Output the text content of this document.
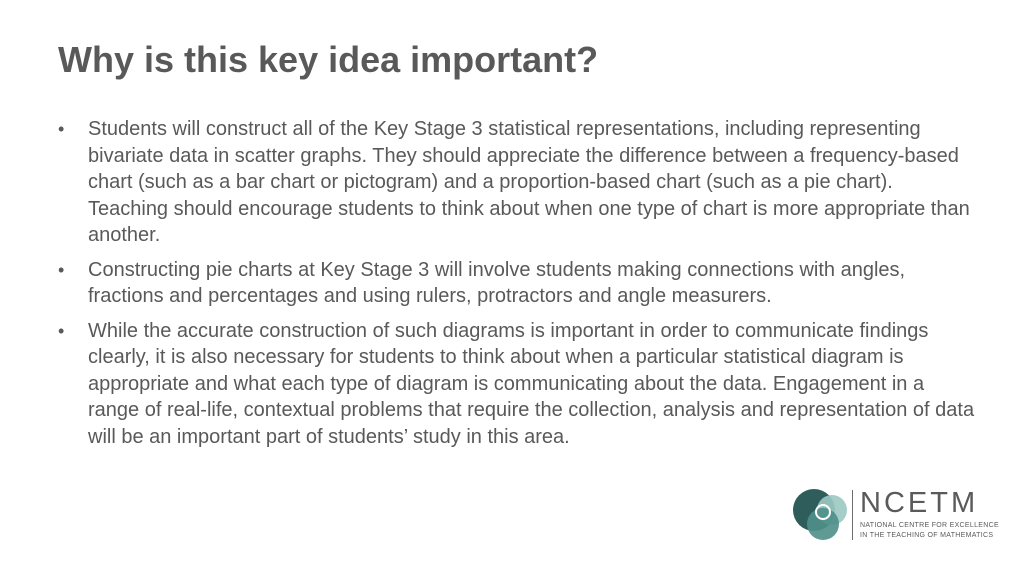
Why is this key idea important?
•	Students will construct all of the Key Stage 3 statistical representations, including representing bivariate data in scatter graphs. They should appreciate the difference between a frequency-based chart (such as a bar chart or pictogram) and a proportion-based chart (such as a pie chart). Teaching should encourage students to think about when one type of chart is more appropriate than another.
•	Constructing pie charts at Key Stage 3 will involve students making connections with angles, fractions and percentages and using rulers, protractors and angle measurers.
•	While the accurate construction of such diagrams is important in order to communicate findings clearly, it is also necessary for students to think about when a particular statistical diagram is appropriate and what each type of diagram is communicating about the data. Engagement in a range of real-life, contextual problems that require the collection, analysis and representation of data will be an important part of students’ study in this area.
NCETM
NATIONAL CENTRE FOR EXCELLENCE
IN THE TEACHING OF MATHEMATICS
